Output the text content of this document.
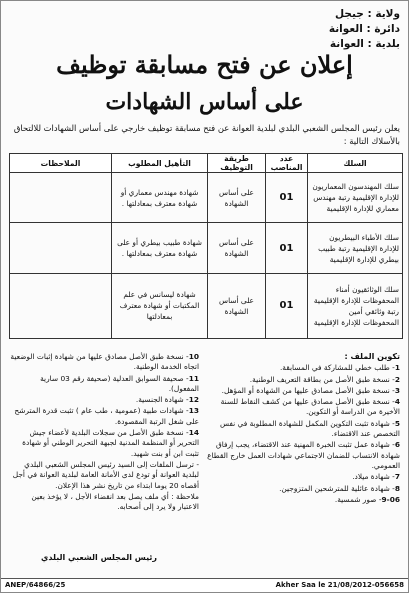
ولاية : جيجل
دائرة : العوانة
بلدية : العوانة
إعلان عن فتح مسابقة توظيف
على أساس الشهادات
يعلن رئيس المجلس الشعبي البلدي لبلدية العوانة عن فتح مسابقة توظيف خارجي على أساس الشهادات للالتحاق بالأسلاك التالية :
السلك	عدد المناصب	طريقة التوظيف	التأهيل المطلوب	الملاحظات
سلك المهندسون المعماريون للإدارة الإقليمية رتبة مهندس معماري للإدارة الإقليمية	01	على أساس الشهادة	شهادة مهندس معماري أو شهادة معترف بمعادلتها .	
سلك الأطباء البيطريون للإدارة الإقليمية رتبة طبيب بيطري للإدارة الإقليمية	01	على أساس الشهادة	شهادة طبيب بيطري أو على شهادة معترف بمعادلتها .	
سلك الوثائقيون أمناء المحفوظات للإدارة الإقليمية رتبة وثائقي أمين المحفوظات للإدارة الإقليمية	01	على أساس الشهادة	شهادة ليسانس في علم المكتبات أو شهادة معترف بمعادلتها	
تكوين الملف :
1- طلب خطي للمشاركة في المسابقة.
2- نسخة طبق الأصل من بطاقة التعريف الوطنية.
3- نسخة طبق الأصل مصادق عليها من الشهادة أو المؤهل.
4- نسخة طبق الأصل مصادق عليها من كشف النقاط للسنة الأخيرة من الدراسة أو التكوين.
5- شهادة تثبت التكوين المكمل للشهادة المطلوبة في نفس التخصص عند الاقتضاء.
6- شهادة عمل تثبت الخبرة المهنية عند الاقتضاء، يجب إرفاق شهادة الانتساب للضمان الاجتماعي شهادات العمل خارج القطاع العمومي.
7- شهادة ميلاد.
8- شهادة عائلية للمترشحين المتزوجين.
9-06- صور شمسية.
10- نسخة طبق الأصل مصادق عليها من شهادة إثبات الوضعية اتجاه الخدمة الوطنية.
11- صحيفة السوابق العدلية (صحيفة رقم 03 سارية المفعول).
12- شهادة الجنسية.
13- شهادات طبية (عمومية ، طب عام ) تثبت قدرة المترشح على شغل الرتبة المقصودة.
14- نسخة طبق الأصل من سجلات البلدية لأعضاء جيش التحرير أو المنظمة المدنية لجبهة التحرير الوطني أو شهادة تثبت ابن أو بنت شهيد.
- ترسل الملفات إلى السيد رئيس المجلس الشعبي البلدي لبلدية العوانة أو تودع لدى الأمانة العامة لبلدية العوانة في أجل أقصاه 20 يوما ابتداء من تاريخ نشر هذا الإعلان.
ملاحظة : أي ملف يصل بعد انقضاء الأجل ، لا يؤخذ بعين الاعتبار ولا يرد إلى أصحابه.
رئيس المجلس الشعبي البلدي
ANEP/64866/25	Akher Saa le 21/08/2012-056658
